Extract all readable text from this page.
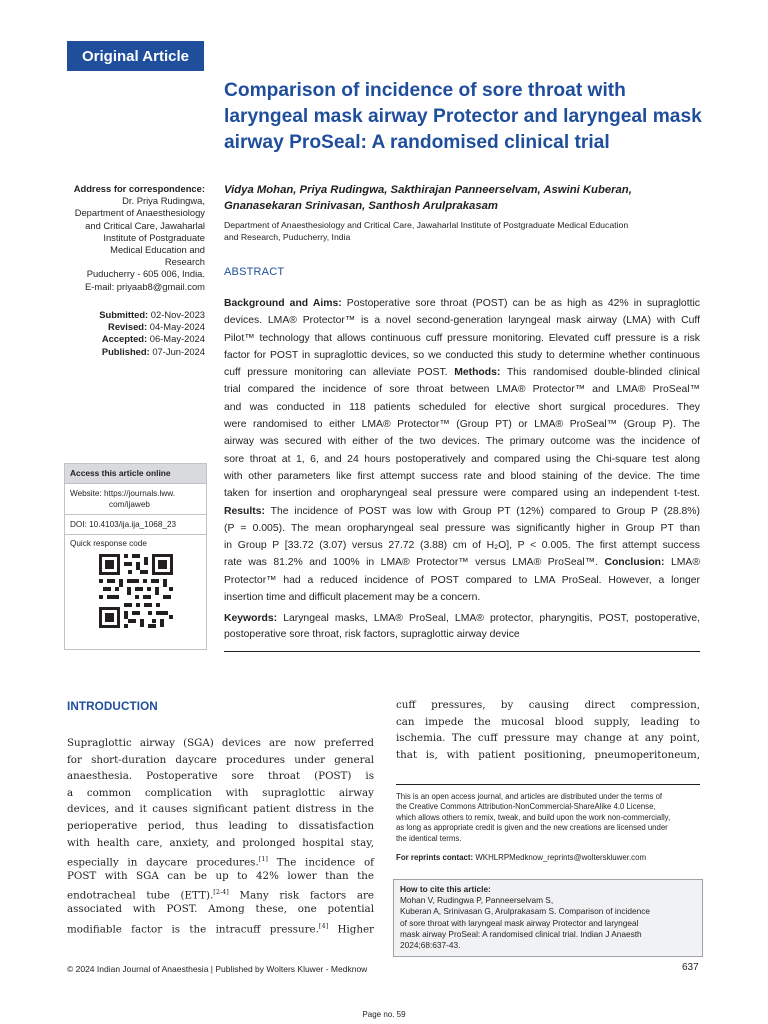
Original Article
Comparison of incidence of sore throat with
laryngeal mask airway Protector and laryngeal mask
airway ProSeal: A randomised clinical trial
Address for correspondence:
Dr. Priya Rudingwa,
Department of Anaesthesiology
and Critical Care, Jawaharlal
Institute of Postgraduate
Medical Education and
Research
Puducherry - 605 006, India.
E-mail: priyaab8@gmail.com
Submitted: 02-Nov-2023
Revised: 04-May-2024
Accepted: 06-May-2024
Published: 07-Jun-2024
Access this article online
Website: https://journals.lww.
com/ijaweb
DOI: 10.4103/ija.ija_1068_23
Quick response code
Vidya Mohan, Priya Rudingwa, Sakthirajan Panneerselvam, Aswini Kuberan,
Gnanasekaran Srinivasan, Santhosh Arulprakasam
Department of Anaesthesiology and Critical Care, Jawaharlal Institute of Postgraduate Medical Education
and Research, Puducherry, India
ABSTRACT
Background and Aims: Postoperative sore throat (POST) can be as high as 42% in supraglottic
devices. LMA® Protector™ is a novel second-generation laryngeal mask airway (LMA) with Cuff
Pilot™ technology that allows continuous cuff pressure monitoring. Elevated cuff pressure is a risk
factor for POST in supraglottic devices, so we conducted this study to determine whether continuous
cuff pressure monitoring can alleviate POST. Methods: This randomised double-blinded clinical
trial compared the incidence of sore throat between LMA® Protector™ and LMA® ProSeal™
and was conducted in 118 patients scheduled for elective short surgical procedures. They
were randomised to either LMA® Protector™ (Group PT) or LMA® ProSeal™ (Group P). The
airway was secured with either of the two devices. The primary outcome was the incidence of
sore throat at 1, 6, and 24 hours postoperatively and compared using the Chi-square test along
with other parameters like first attempt success rate and blood staining of the device. The time
taken for insertion and oropharyngeal seal pressure were compared using an independent t-test.
Results: The incidence of POST was low with Group PT (12%) compared to Group P (28.8%)
(P = 0.005). The mean oropharyngeal seal pressure was significantly higher in Group PT than
in Group P [33.72 (3.07) versus 27.72 (3.88) cm of H₂O], P < 0.005. The first attempt success
rate was 81.2% and 100% in LMA® Protector™ versus LMA® ProSeal™. Conclusion: LMA®
Protector™ had a reduced incidence of POST compared to LMA ProSeal. However, a longer
insertion time and difficult placement may be a concern.
Keywords: Laryngeal masks, LMA® ProSeal, LMA® protector, pharyngitis, POST, postoperative,
postoperative sore throat, risk factors, supraglottic airway device
INTRODUCTION
Supraglottic airway (SGA) devices are now preferred
for short-duration daycare procedures under general
anaesthesia. Postoperative sore throat (POST) is
a common complication with supraglottic airway
devices, and it causes significant patient distress in the
perioperative period, thus leading to dissatisfaction
with health care, anxiety, and prolonged hospital stay,
especially in daycare procedures.[1] The incidence of
POST with SGA can be up to 42% lower than the
endotracheal tube (ETT).[2-4] Many risk factors are
associated with POST. Among these, one potential
modifiable factor is the intracuff pressure.[4] Higher
cuff pressures, by causing direct compression,
can impede the mucosal blood supply, leading to
ischemia. The cuff pressure may change at any point,
that is, with patient positioning, pneumoperitoneum,
This is an open access journal, and articles are distributed under the terms of
the Creative Commons Attribution-NonCommercial-ShareAlike 4.0 License,
which allows others to remix, tweak, and build upon the work non-commercially,
as long as appropriate credit is given and the new creations are licensed under
the identical terms.
For reprints contact: WKHLRPMedknow_reprints@wolterskluwer.com
How to cite this article:
Mohan V, Rudingwa P, Panneerselvam S,
Kuberan A, Srinivasan G, Arulprakasam S. Comparison of incidence
of sore throat with laryngeal mask airway Protector and laryngeal
mask airway ProSeal: A randomised clinical trial. Indian J Anaesth
2024;68:637-43.
© 2024 Indian Journal of Anaesthesia | Published by Wolters Kluwer - Medknow	637
Page no. 59
